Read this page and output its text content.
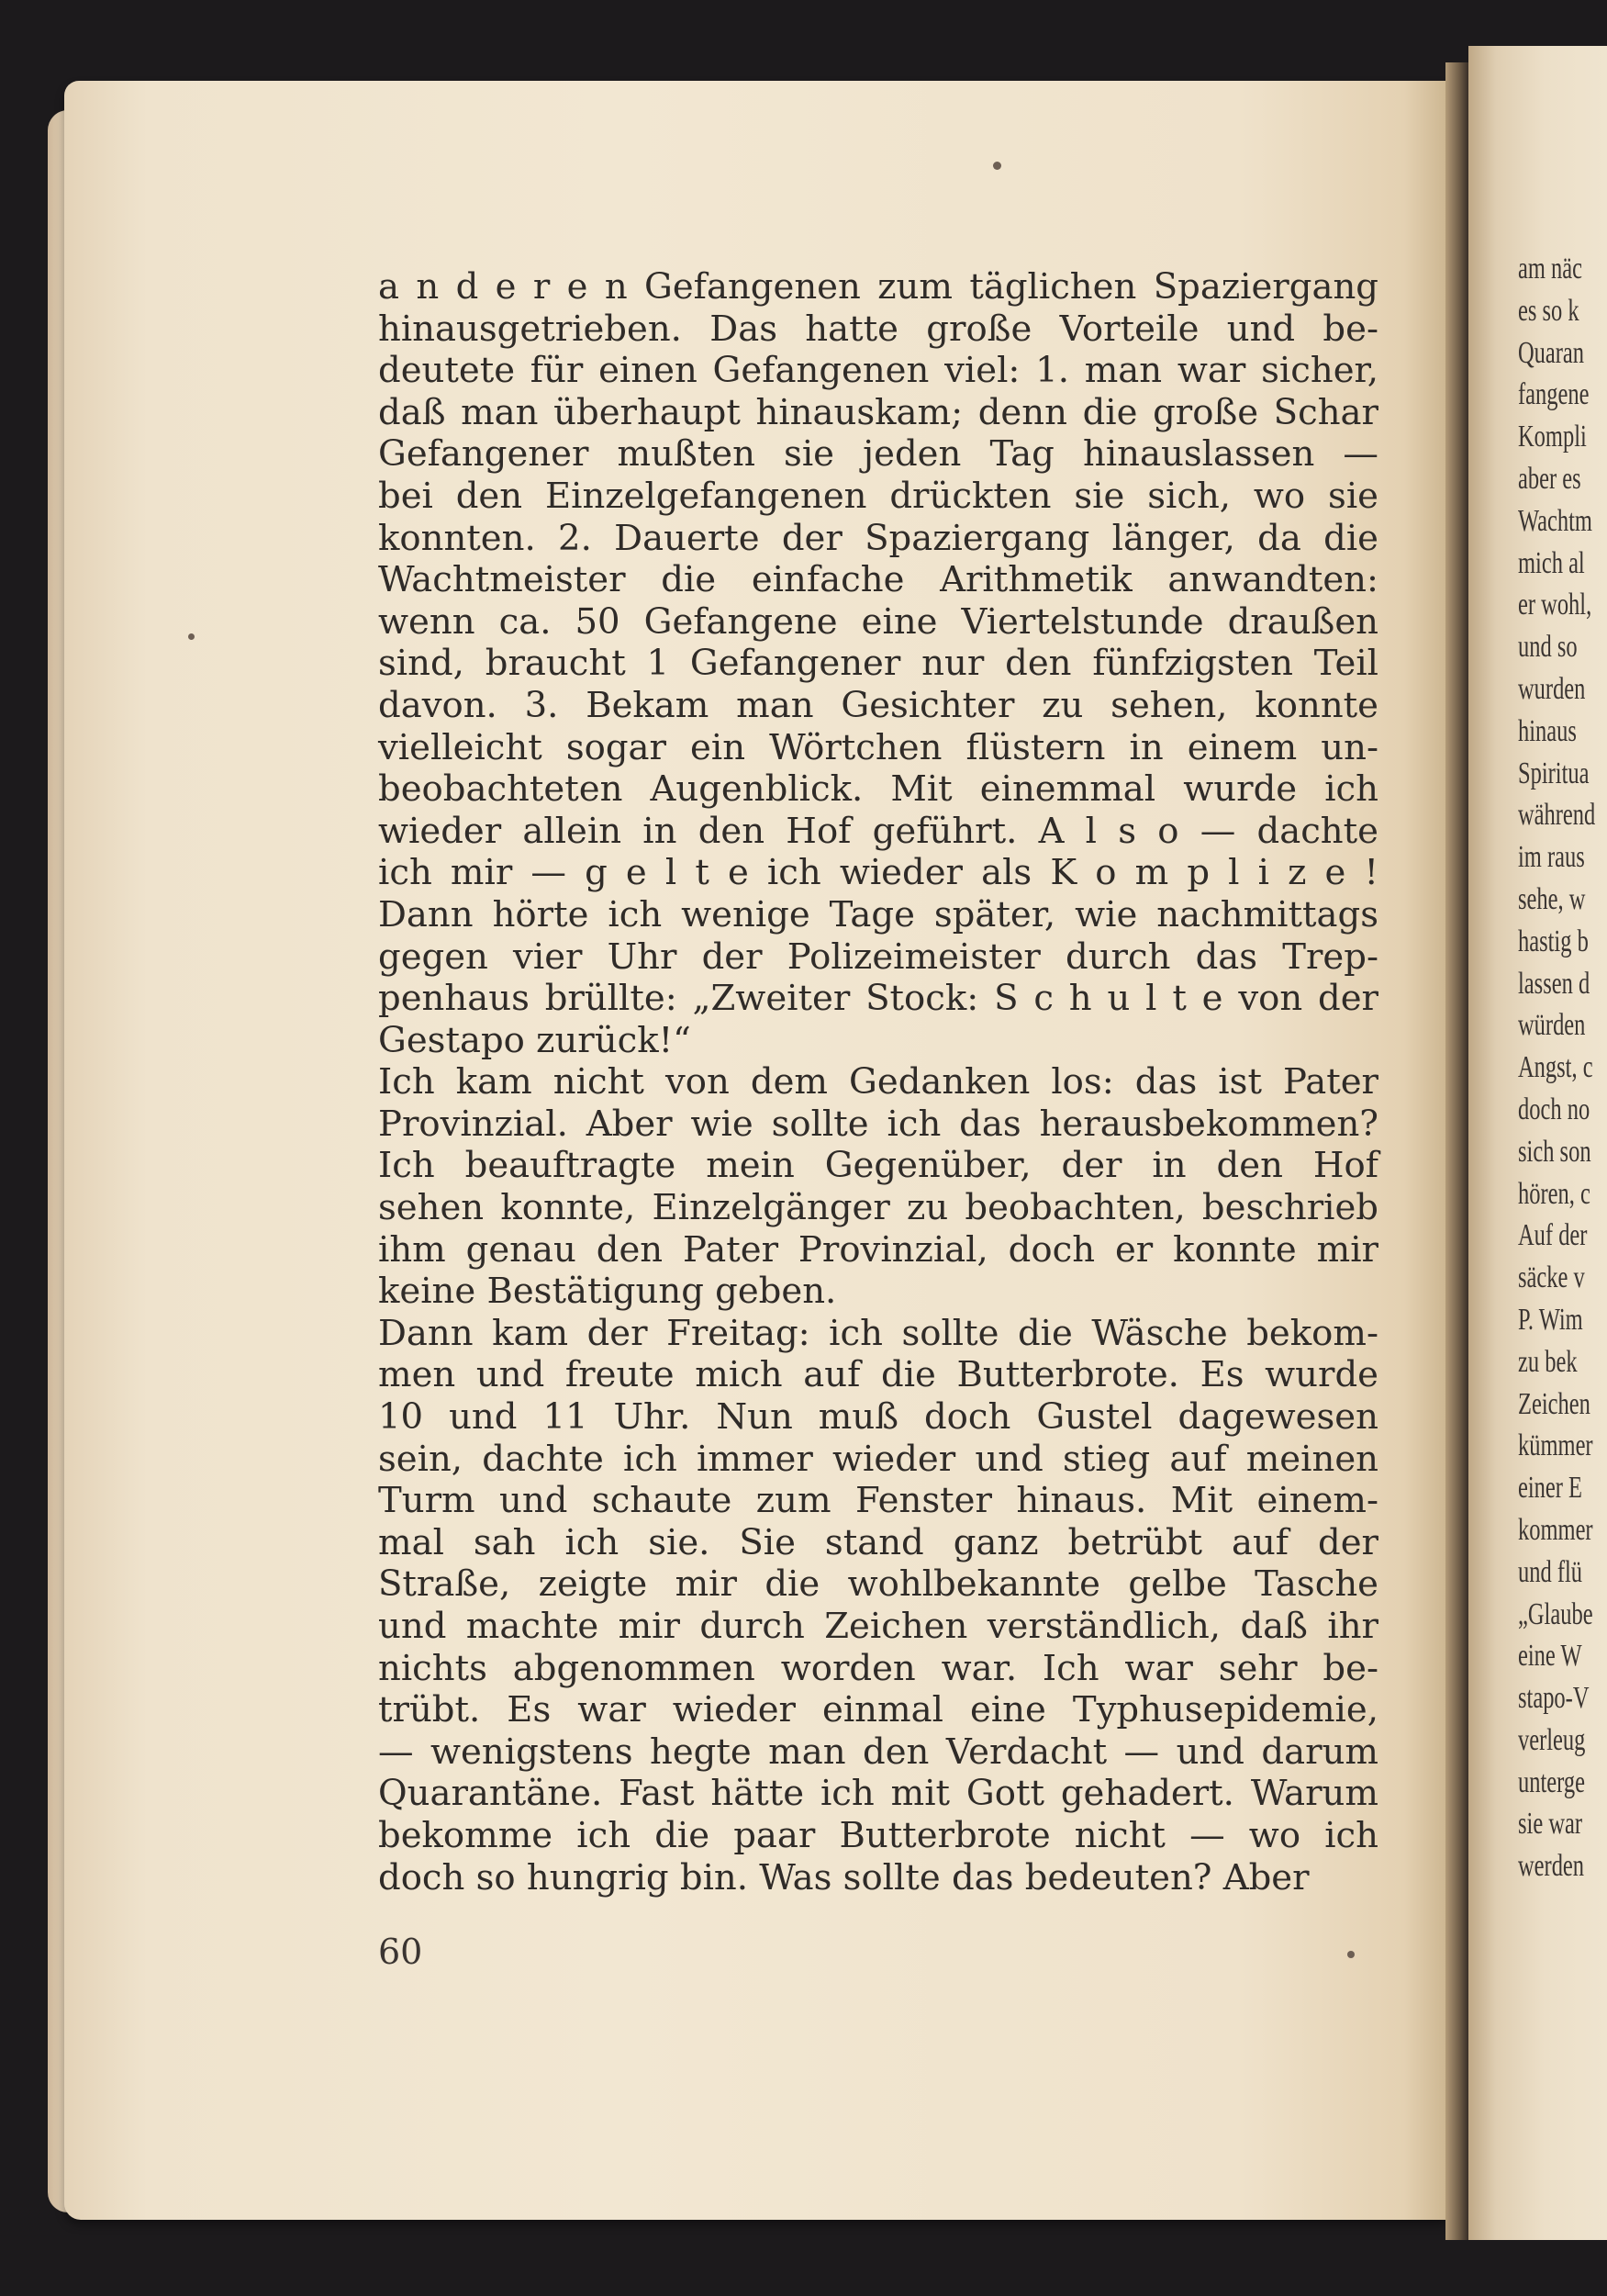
a n d e r e n Gefangenen zum täglichen Spaziergang

hinausgetrieben. Das hatte große Vorteile und be-

deutete für einen Gefangenen viel: 1. man war sicher,

daß man überhaupt hinauskam; denn die große Schar

Gefangener mußten sie jeden Tag hinauslassen —

bei den Einzelgefangenen drückten sie sich, wo sie

konnten. 2. Dauerte der Spaziergang länger, da die

Wachtmeister die einfache Arithmetik anwandten:

wenn ca. 50 Gefangene eine Viertelstunde draußen

sind, braucht 1 Gefangener nur den fünfzigsten Teil

davon. 3. Bekam man Gesichter zu sehen, konnte

vielleicht sogar ein Wörtchen flüstern in einem un-

beobachteten Augenblick. Mit einemmal wurde ich

wieder allein in den Hof geführt. A l s o — dachte

ich mir — g e l t e ich wieder als K o m p l i z e !

Dann hörte ich wenige Tage später, wie nachmittags

gegen vier Uhr der Polizeimeister durch das Trep-

penhaus brüllte: „Zweiter Stock: S c h u l t e von der

Gestapo zurück!“

Ich kam nicht von dem Gedanken los: das ist Pater

Provinzial. Aber wie sollte ich das herausbekommen?

Ich beauftragte mein Gegenüber, der in den Hof

sehen konnte, Einzelgänger zu beobachten, beschrieb

ihm genau den Pater Provinzial, doch er konnte mir

keine Bestätigung geben.

Dann kam der Freitag: ich sollte die Wäsche bekom-

men und freute mich auf die Butterbrote. Es wurde

10 und 11 Uhr. Nun muß doch Gustel dagewesen

sein, dachte ich immer wieder und stieg auf meinen

Turm und schaute zum Fenster hinaus. Mit einem-

mal sah ich sie. Sie stand ganz betrübt auf der

Straße, zeigte mir die wohlbekannte gelbe Tasche

und machte mir durch Zeichen verständlich, daß ihr

nichts abgenommen worden war. Ich war sehr be-

trübt. Es war wieder einmal eine Typhusepidemie,

— wenigstens hegte man den Verdacht — und darum

Quarantäne. Fast hätte ich mit Gott gehadert. Warum

bekomme ich die paar Butterbrote nicht — wo ich

doch so hungrig bin. Was sollte das bedeuten? Aber

60
am näc
es so k
Quaran
fangene
Kompli
aber es
Wachtm
mich al
er wohl,
und so
wurden
hinaus
Spiritua
während
im raus
sehe, w
hastig b
lassen d
würden
Angst, c
doch no
sich son
hören, c
Auf der
säcke v
P. Wim
zu bek
Zeichen
kümmer
einer E
kommer
und flü
„Glaube
eine W
stapo-V
verleug
unterge
sie war
werden
